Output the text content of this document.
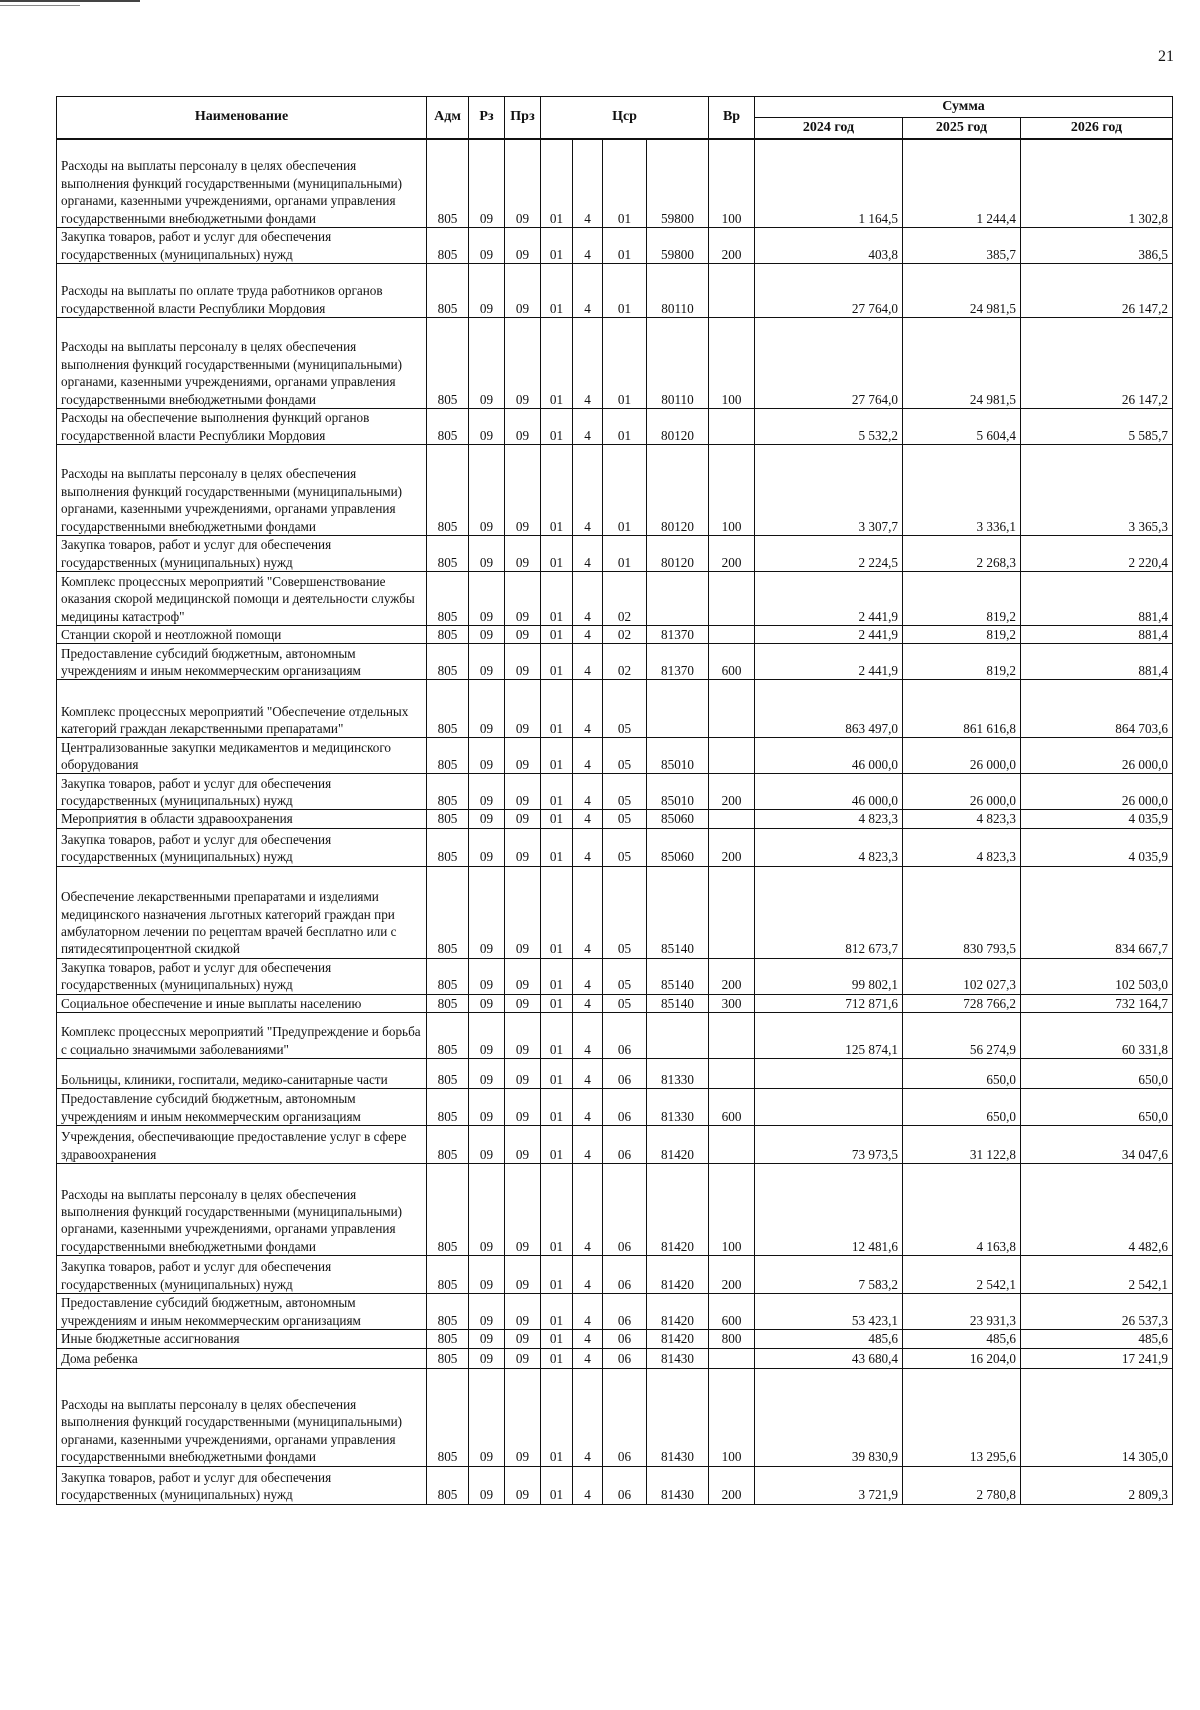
21
Наименование	Адм	Рз	Прз	Цср				Вр	Сумма		
									2024 год	2025 год	2026 год

Расходы на выплаты персоналу в целях обеспечения выполнения функций государственными (муниципальными) органами, казенными учреждениями, органами управления государственными внебюджетными фондами	805	09	09	01	4	01	59800	100	1 164,5	1 244,4	1 302,8
Закупка товаров, работ и услуг для обеспечения государственных (муниципальных) нужд	805	09	09	01	4	01	59800	200	403,8	385,7	386,5
Расходы на выплаты по оплате труда работников органов государственной власти Республики Мордовия	805	09	09	01	4	01	80110		27 764,0	24 981,5	26 147,2
Расходы на выплаты персоналу в целях обеспечения выполнения функций государственными (муниципальными) органами, казенными учреждениями, органами управления государственными внебюджетными фондами	805	09	09	01	4	01	80110	100	27 764,0	24 981,5	26 147,2
Расходы на обеспечение выполнения функций органов государственной власти Республики Мордовия	805	09	09	01	4	01	80120		5 532,2	5 604,4	5 585,7
Расходы на выплаты персоналу в целях обеспечения выполнения функций государственными (муниципальными) органами, казенными учреждениями, органами управления государственными внебюджетными фондами	805	09	09	01	4	01	80120	100	3 307,7	3 336,1	3 365,3
Закупка товаров, работ и услуг для обеспечения государственных (муниципальных) нужд	805	09	09	01	4	01	80120	200	2 224,5	2 268,3	2 220,4
Комплекс процессных мероприятий "Совершенствование оказания скорой медицинской помощи и деятельности службы медицины катастроф"	805	09	09	01	4	02			2 441,9	819,2	881,4
Станции скорой и неотложной помощи	805	09	09	01	4	02	81370		2 441,9	819,2	881,4
Предоставление субсидий бюджетным, автономным учреждениям и иным некоммерческим организациям	805	09	09	01	4	02	81370	600	2 441,9	819,2	881,4
Комплекс процессных мероприятий "Обеспечение отдельных категорий граждан лекарственными препаратами"	805	09	09	01	4	05			863 497,0	861 616,8	864 703,6
Централизованные закупки медикаментов и медицинского оборудования	805	09	09	01	4	05	85010		46 000,0	26 000,0	26 000,0
Закупка товаров, работ и услуг для обеспечения государственных (муниципальных) нужд	805	09	09	01	4	05	85010	200	46 000,0	26 000,0	26 000,0
Мероприятия в области здравоохранения	805	09	09	01	4	05	85060		4 823,3	4 823,3	4 035,9
Закупка товаров, работ и услуг для обеспечения государственных (муниципальных) нужд	805	09	09	01	4	05	85060	200	4 823,3	4 823,3	4 035,9
Обеспечение лекарственными препаратами и изделиями медицинского назначения льготных категорий граждан при амбулаторном лечении по рецептам врачей бесплатно или с пятидесятипроцентной скидкой	805	09	09	01	4	05	85140		812 673,7	830 793,5	834 667,7
Закупка товаров, работ и услуг для обеспечения государственных (муниципальных) нужд	805	09	09	01	4	05	85140	200	99 802,1	102 027,3	102 503,0
Социальное обеспечение и иные выплаты населению	805	09	09	01	4	05	85140	300	712 871,6	728 766,2	732 164,7
Комплекс процессных мероприятий "Предупреждение и борьба с социально значимыми заболеваниями"	805	09	09	01	4	06			125 874,1	56 274,9	60 331,8
Больницы, клиники, госпитали, медико-санитарные части	805	09	09	01	4	06	81330			650,0	650,0
Предоставление субсидий бюджетным, автономным учреждениям и иным некоммерческим организациям	805	09	09	01	4	06	81330	600		650,0	650,0
Учреждения, обеспечивающие предоставление услуг в сфере здравоохранения	805	09	09	01	4	06	81420		73 973,5	31 122,8	34 047,6
Расходы на выплаты персоналу в целях обеспечения выполнения функций государственными (муниципальными) органами, казенными учреждениями, органами управления государственными внебюджетными фондами	805	09	09	01	4	06	81420	100	12 481,6	4 163,8	4 482,6
Закупка товаров, работ и услуг для обеспечения государственных (муниципальных) нужд	805	09	09	01	4	06	81420	200	7 583,2	2 542,1	2 542,1
Предоставление субсидий бюджетным, автономным учреждениям и иным некоммерческим организациям	805	09	09	01	4	06	81420	600	53 423,1	23 931,3	26 537,3
Иные бюджетные ассигнования	805	09	09	01	4	06	81420	800	485,6	485,6	485,6
Дома ребенка	805	09	09	01	4	06	81430		43 680,4	16 204,0	17 241,9
Расходы на выплаты персоналу в целях обеспечения выполнения функций государственными (муниципальными) органами, казенными учреждениями, органами управления государственными внебюджетными фондами	805	09	09	01	4	06	81430	100	39 830,9	13 295,6	14 305,0
Закупка товаров, работ и услуг для обеспечения государственных (муниципальных) нужд	805	09	09	01	4	06	81430	200	3 721,9	2 780,8	2 809,3
